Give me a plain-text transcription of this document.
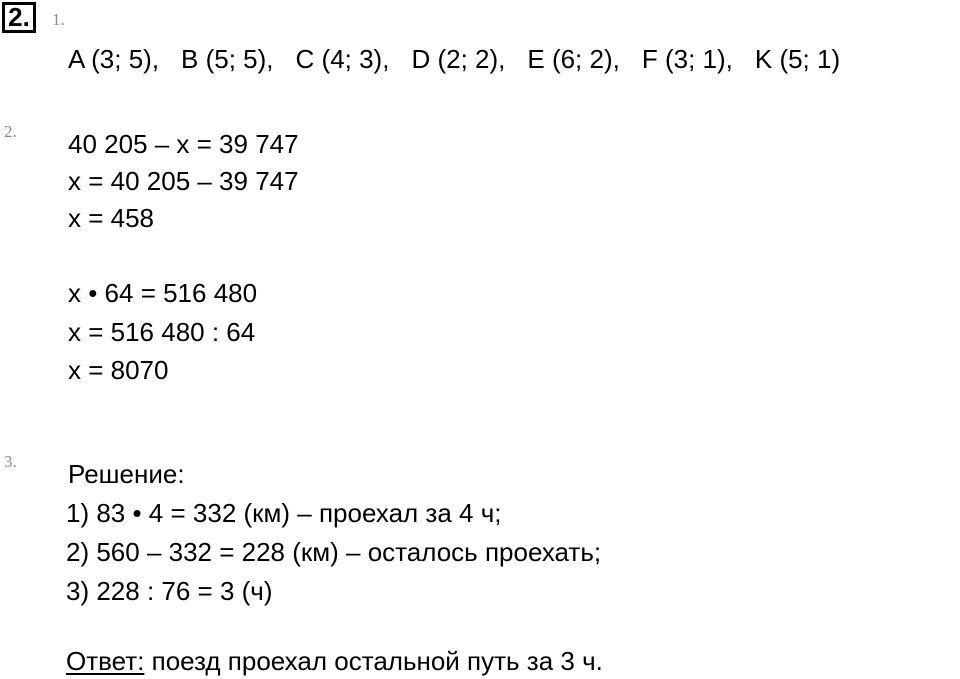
2.	1.
A (3; 5), B (5; 5), C (4; 3), D (2; 2), E (6; 2), F (3; 1), K (5; 1)
2. 40 205 – x = 39 747
x = 40 205 – 39 747
x = 458
x • 64 = 516 480
x = 516 480 : 64
x = 8070
3. Решение:
1) 83 • 4 = 332 (км) – проехал за 4 ч;
2) 560 – 332 = 228 (км) – осталось проехать;
3) 228 : 76 = 3 (ч)
Ответ: поезд проехал остальной путь за 3 ч.
